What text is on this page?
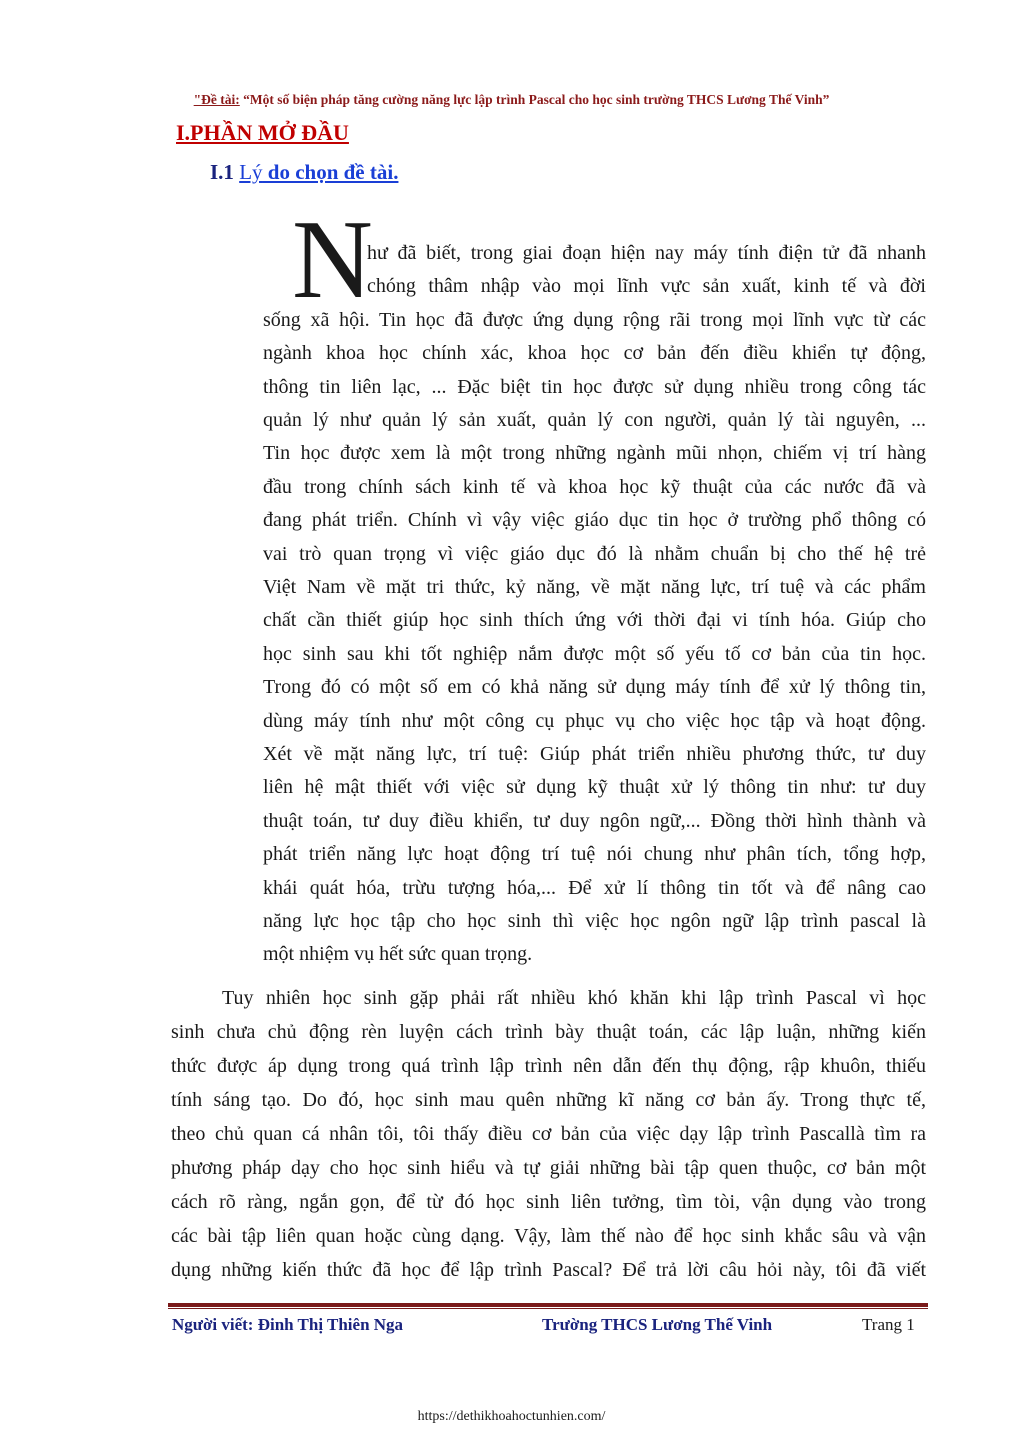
"Đề tài: “Một số biện pháp tăng cường năng lực lập trình Pascal cho học sinh trường THCS Lương Thế Vinh”
I.PHẦN MỞ ĐẦU
I.1 Lý do chọn đề tài.
N
hư đã biết, trong giai đoạn hiện nay máy tính điện tử đã nhanh
chóng thâm nhập vào mọi lĩnh vực sản xuất, kinh tế và đời
sống xã hội. Tin học đã được ứng dụng rộng rãi trong mọi lĩnh vực từ các
ngành khoa học chính xác, khoa học cơ bản đến điều khiển tự động,
thông tin liên lạc, ... Đặc biệt tin học được sử dụng nhiều trong công tác
quản lý như quản lý sản xuất, quản lý con người, quản lý tài nguyên, ...
Tin học được xem là một trong những ngành mũi nhọn, chiếm vị trí hàng
đầu trong chính sách kinh tế và khoa học kỹ thuật của các nước đã và
đang phát triển. Chính vì vậy việc giáo dục tin học ở trường phổ thông có
vai trò quan trọng vì việc giáo dục đó là nhằm chuẩn bị cho thế hệ trẻ
Việt Nam về mặt tri thức, kỷ năng, về mặt năng lực, trí tuệ và các phẩm
chất cần thiết giúp học sinh thích ứng với thời đại vi tính hóa. Giúp cho
học sinh sau khi tốt nghiệp nắm được một số yếu tố cơ bản của tin học.
Trong đó có một số em có khả năng sử dụng máy tính để xử lý thông tin,
dùng máy tính như một công cụ phục vụ cho việc học tập và hoạt động.
Xét về mặt năng lực, trí tuệ: Giúp phát triển nhiều phương thức, tư duy
liên hệ mật thiết với việc sử dụng kỹ thuật xử lý thông tin như: tư duy
thuật toán, tư duy điều khiển, tư duy ngôn ngữ,... Đồng thời hình thành và
phát triển năng lực hoạt động trí tuệ nói chung như phân tích, tổng hợp,
khái quát hóa, trừu tượng hóa,... Để xử lí thông tin tốt và để nâng cao
năng lực học tập cho học sinh thì việc học ngôn ngữ lập trình pascal là
một nhiệm vụ hết sức quan trọng.
Tuy nhiên học sinh gặp phải rất nhiều khó khăn khi lập trình Pascal vì học
sinh chưa chủ động rèn luyện cách trình bày thuật toán, các lập luận, những kiến
thức được áp dụng trong quá trình lập trình nên dẫn đến thụ động, rập khuôn, thiếu
tính sáng tạo. Do đó, học sinh mau quên những kĩ năng cơ bản ấy. Trong thực tế,
theo chủ quan cá nhân tôi, tôi thấy điều cơ bản của việc dạy lập trình Pascallà tìm ra
phương pháp dạy cho học sinh hiểu và tự giải những bài tập quen thuộc, cơ bản một
cách rõ ràng, ngắn gọn, để từ đó học sinh liên tưởng, tìm tòi, vận dụng vào trong
các bài tập liên quan hoặc cùng dạng. Vậy, làm thế nào để học sinh khắc sâu và vận
dụng những kiến thức đã học để lập trình Pascal? Để trả lời câu hỏi này, tôi đã viết
Người viết: Đinh Thị Thiên Nga	Trường THCS Lương Thế Vinh	Trang 1
https://dethikhoahoctunhien.com/
